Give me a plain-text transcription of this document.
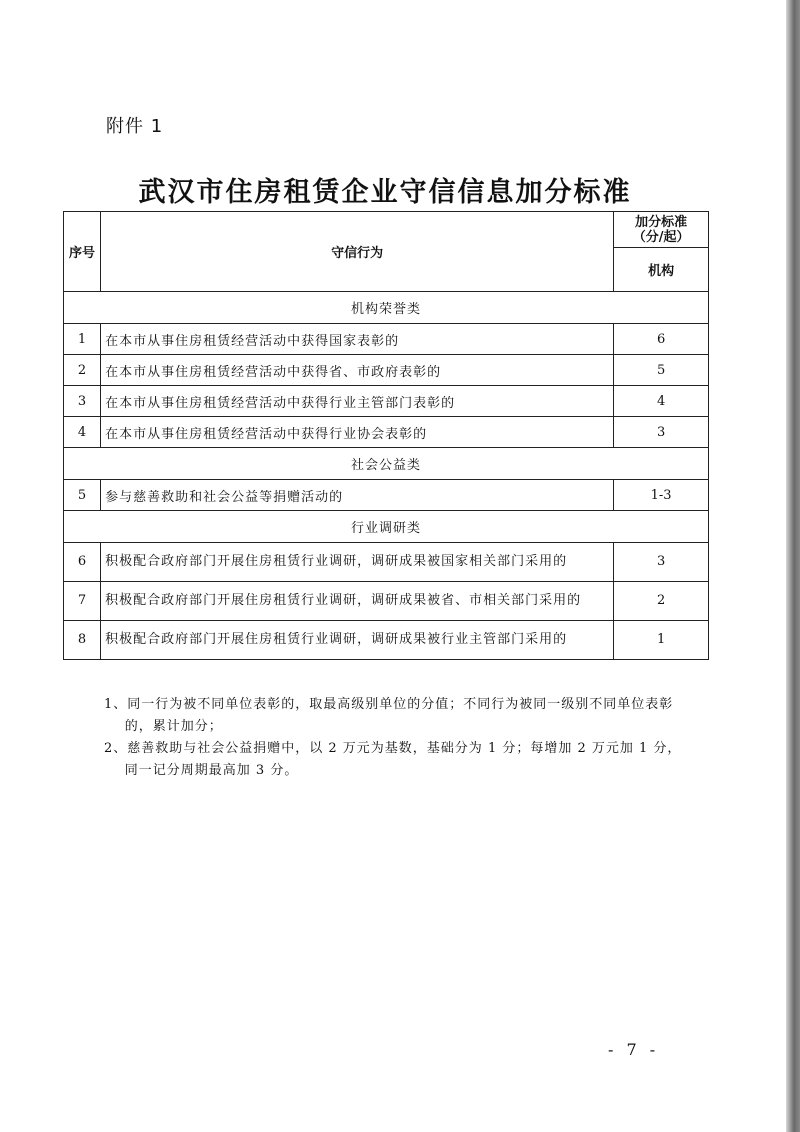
附件 1
武汉市住房租赁企业守信信息加分标准
序号	守信行为	加分标准
（分/起）

		机构
机构荣誉类		
1	在本市从事住房租赁经营活动中获得国家表彰的	6
2	在本市从事住房租赁经营活动中获得省、市政府表彰的	5
3	在本市从事住房租赁经营活动中获得行业主管部门表彰的	4
4	在本市从事住房租赁经营活动中获得行业协会表彰的	3
社会公益类		
5	参与慈善救助和社会公益等捐赠活动的	1-3
行业调研类		
6	积极配合政府部门开展住房租赁行业调研，调研成果被国家相关部门采用的	3
7	积极配合政府部门开展住房租赁行业调研，调研成果被省、市相关部门采用的	2
8	积极配合政府部门开展住房租赁行业调研，调研成果被行业主管部门采用的	1

1、同一行为被不同单位表彰的，取最高级别单位的分值；不同行为被同一级别不同单位表彰的，累计加分；

2、慈善救助与社会公益捐赠中，以 2 万元为基数，基础分为 1 分；每增加 2 万元加 1 分，同一记分周期最高加 3 分。

- 7 -
